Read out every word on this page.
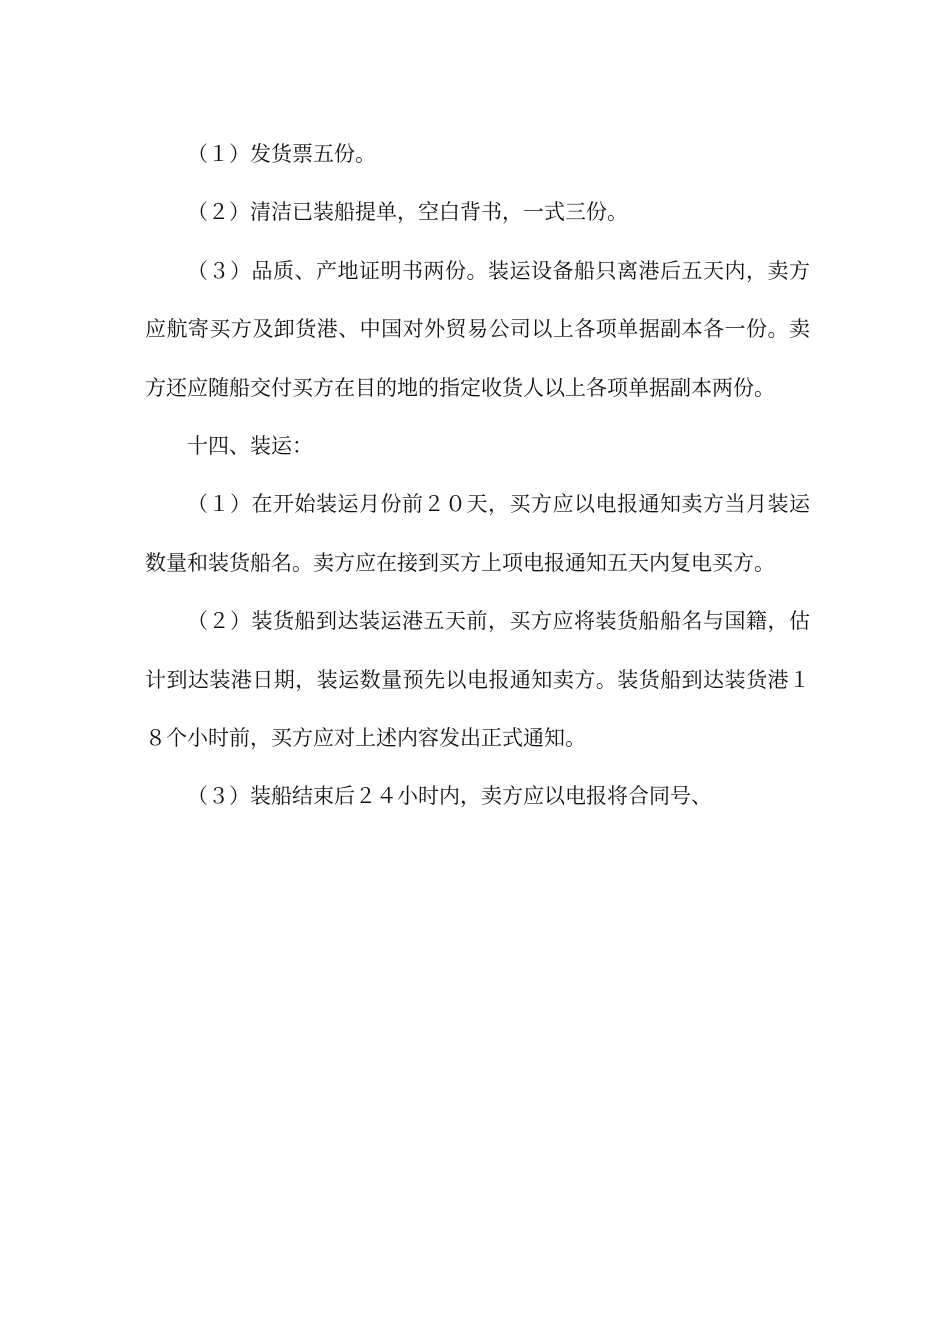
（１）发货票五份。

（２）清洁已装船提单，空白背书，一式三份。

（３）品质、产地证明书两份。装运设备船只离港后五天内，卖方应航寄买方及卸货港、中国对外贸易公司以上各项单据副本各一份。卖方还应随船交付买方在目的地的指定收货人以上各项单据副本两份。

十四、装运：

（１）在开始装运月份前２０天，买方应以电报通知卖方当月装运数量和装货船名。卖方应在接到买方上项电报通知五天内复电买方。

（２）装货船到达装运港五天前，买方应将装货船船名与国籍，估计到达装港日期，装运数量预先以电报通知卖方。装货船到达装货港１８个小时前，买方应对上述内容发出正式通知。

（３）装船结束后２４小时内，卖方应以电报将合同号、
